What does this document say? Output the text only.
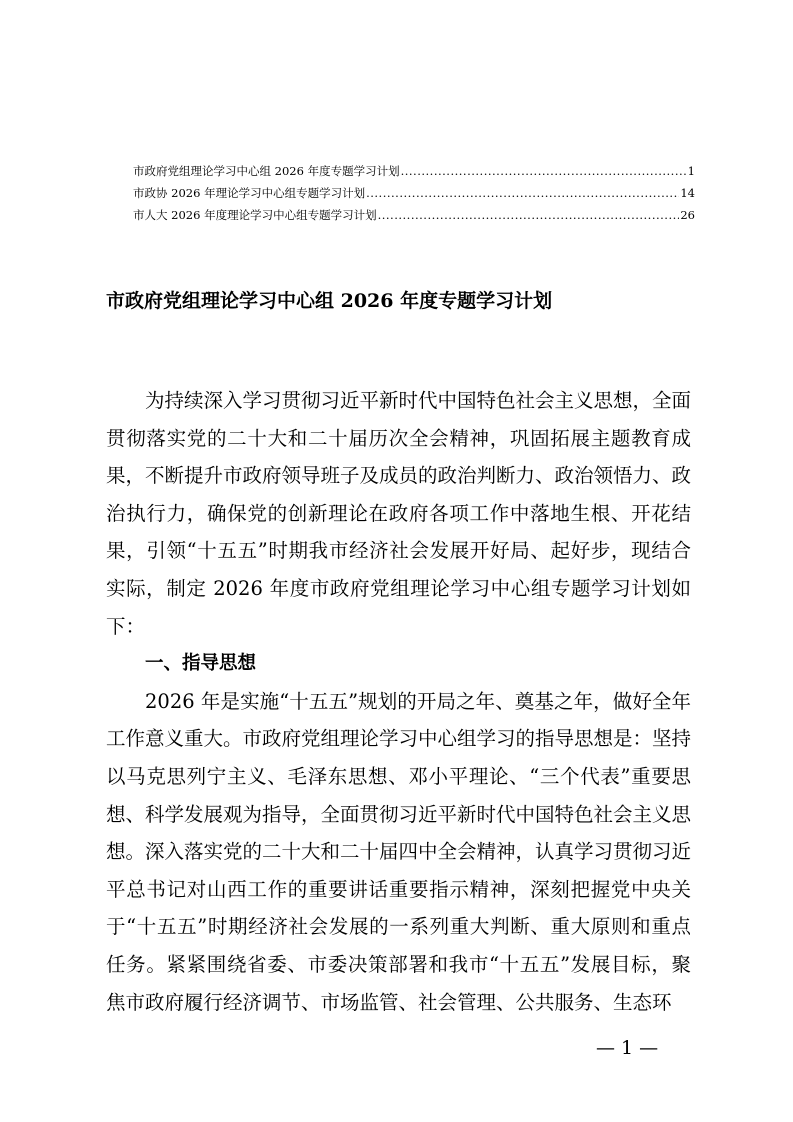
市政府党组理论学习中心组 2026 年度专题学习计划 .....	1
市政协 2026 年理论学习中心组专题学习计划 .....	14
市人大 2026 年度理论学习中心组专题学习计划 .....	26
市政府党组理论学习中心组 2026 年度专题学习计划

为持续深入学习贯彻习近平新时代中国特色社会主义思想，全面贯彻落实党的二十大和二十届历次全会精神，巩固拓展主题教育成果，不断提升市政府领导班子及成员的政治判断力、政治领悟力、政治执行力，确保党的创新理论在政府各项工作中落地生根、开花结果，引领“十五五”时期我市经济社会发展开好局、起好步，现结合实际，制定 2026 年度市政府党组理论学习中心组专题学习计划如下：

一、指导思想

2026 年是实施“十五五”规划的开局之年、奠基之年，做好全年工作意义重大。市政府党组理论学习中心组学习的指导思想是：坚持以马克思列宁主义、毛泽东思想、邓小平理论、“三个代表”重要思想、科学发展观为指导，全面贯彻习近平新时代中国特色社会主义思想。深入落实党的二十大和二十届四中全会精神，认真学习贯彻习近平总书记对山西工作的重要讲话重要指示精神，深刻把握党中央关于“十五五”时期经济社会发展的一系列重大判断、重大原则和重点任务。紧紧围绕省委、市委决策部署和我市“十五五”发展目标，聚焦市政府履行经济调节、市场监管、社会管理、公共服务、生态环

— 1 —
